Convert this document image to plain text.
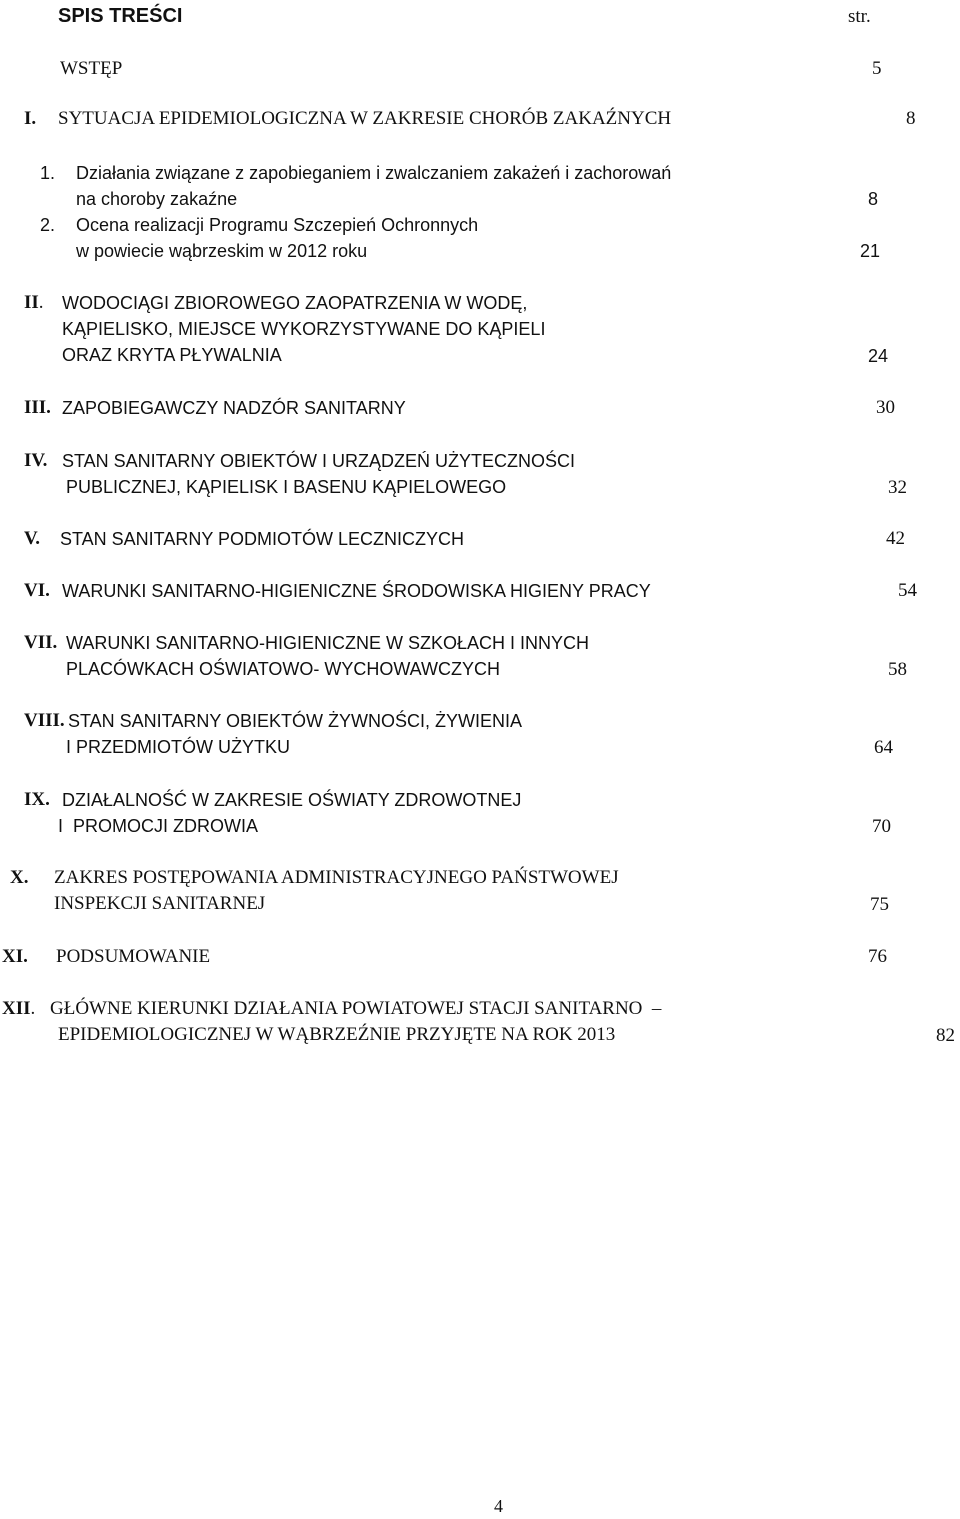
SPIS TREŚCI	str.
WSTĘP	5
I. SYTUACJA EPIDEMIOLOGICZNA W ZAKRESIE CHORÓB ZAKAŹNYCH	8
1. Działania związane z zapobieganiem i zwalczaniem zakażeń i zachorowań
na choroby zakaźne	8
2. Ocena realizacji Programu Szczepień Ochronnych
w powiecie wąbrzeskim w 2012 roku	21
II. WODOCIĄGI ZBIOROWEGO ZAOPATRZENIA W WODĘ,
KĄPIELISKO, MIEJSCE WYKORZYSTYWANE DO KĄPIELI
ORAZ KRYTA PŁYWALNIA	24
III. ZAPOBIEGAWCZY NADZÓR SANITARNY	30
IV. STAN SANITARNY OBIEKTÓW I URZĄDZEŃ UŻYTECZNOŚCI
PUBLICZNEJ, KĄPIELISK I BASENU KĄPIELOWEGO	32
V. STAN SANITARNY PODMIOTÓW LECZNICZYCH	42
VI. WARUNKI SANITARNO-HIGIENICZNE ŚRODOWISKA HIGIENY PRACY	54
VII. WARUNKI SANITARNO-HIGIENICZNE W SZKOŁACH I INNYCH
PLACÓWKACH OŚWIATOWO- WYCHOWAWCZYCH	58
VIII. STAN SANITARNY OBIEKTÓW ŻYWNOŚCI, ŻYWIENIA
I PRZEDMIOTÓW UŻYTKU	64
IX. DZIAŁALNOŚĆ W ZAKRESIE OŚWIATY ZDROWOTNEJ
I  PROMOCJI ZDROWIA	70
X. ZAKRES POSTĘPOWANIA ADMINISTRACYJNEGO PAŃSTWOWEJ
INSPEKCJI SANITARNEJ	75
XI. PODSUMOWANIE	76
XII. GŁÓWNE KIERUNKI DZIAŁANIA POWIATOWEJ STACJI SANITARNO  –
EPIDEMIOLOGICZNEJ W WĄBRZEŹNIE PRZYJĘTE NA ROK 2013	82
4
